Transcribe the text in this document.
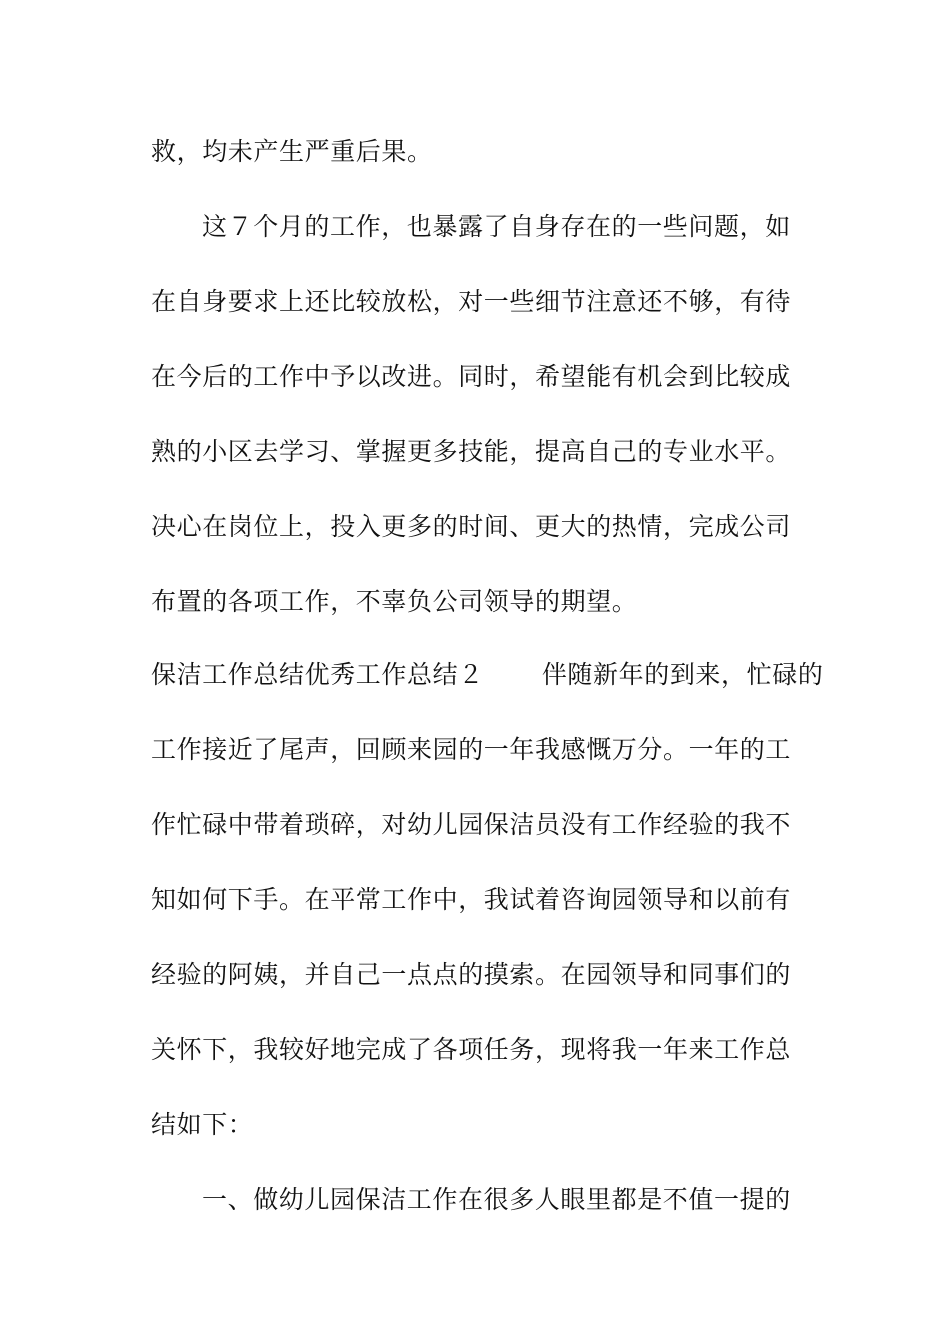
救，均未产生严重后果。
这７个月的工作，也暴露了自身存在的一些问题，如
在自身要求上还比较放松，对一些细节注意还不够，有待
在今后的工作中予以改进。同时，希望能有机会到比较成
熟的小区去学习、掌握更多技能，提高自己的专业水平。
决心在岗位上，投入更多的时间、更大的热情，完成公司
布置的各项工作，不辜负公司领导的期望。
保洁工作总结优秀工作总结２ 伴随新年的到来，忙碌的
工作接近了尾声，回顾来园的一年我感慨万分。一年的工
作忙碌中带着琐碎，对幼儿园保洁员没有工作经验的我不
知如何下手。在平常工作中，我试着咨询园领导和以前有
经验的阿姨，并自己一点点的摸索。在园领导和同事们的
关怀下，我较好地完成了各项任务，现将我一年来工作总
结如下：
一、做幼儿园保洁工作在很多人眼里都是不值一提的
